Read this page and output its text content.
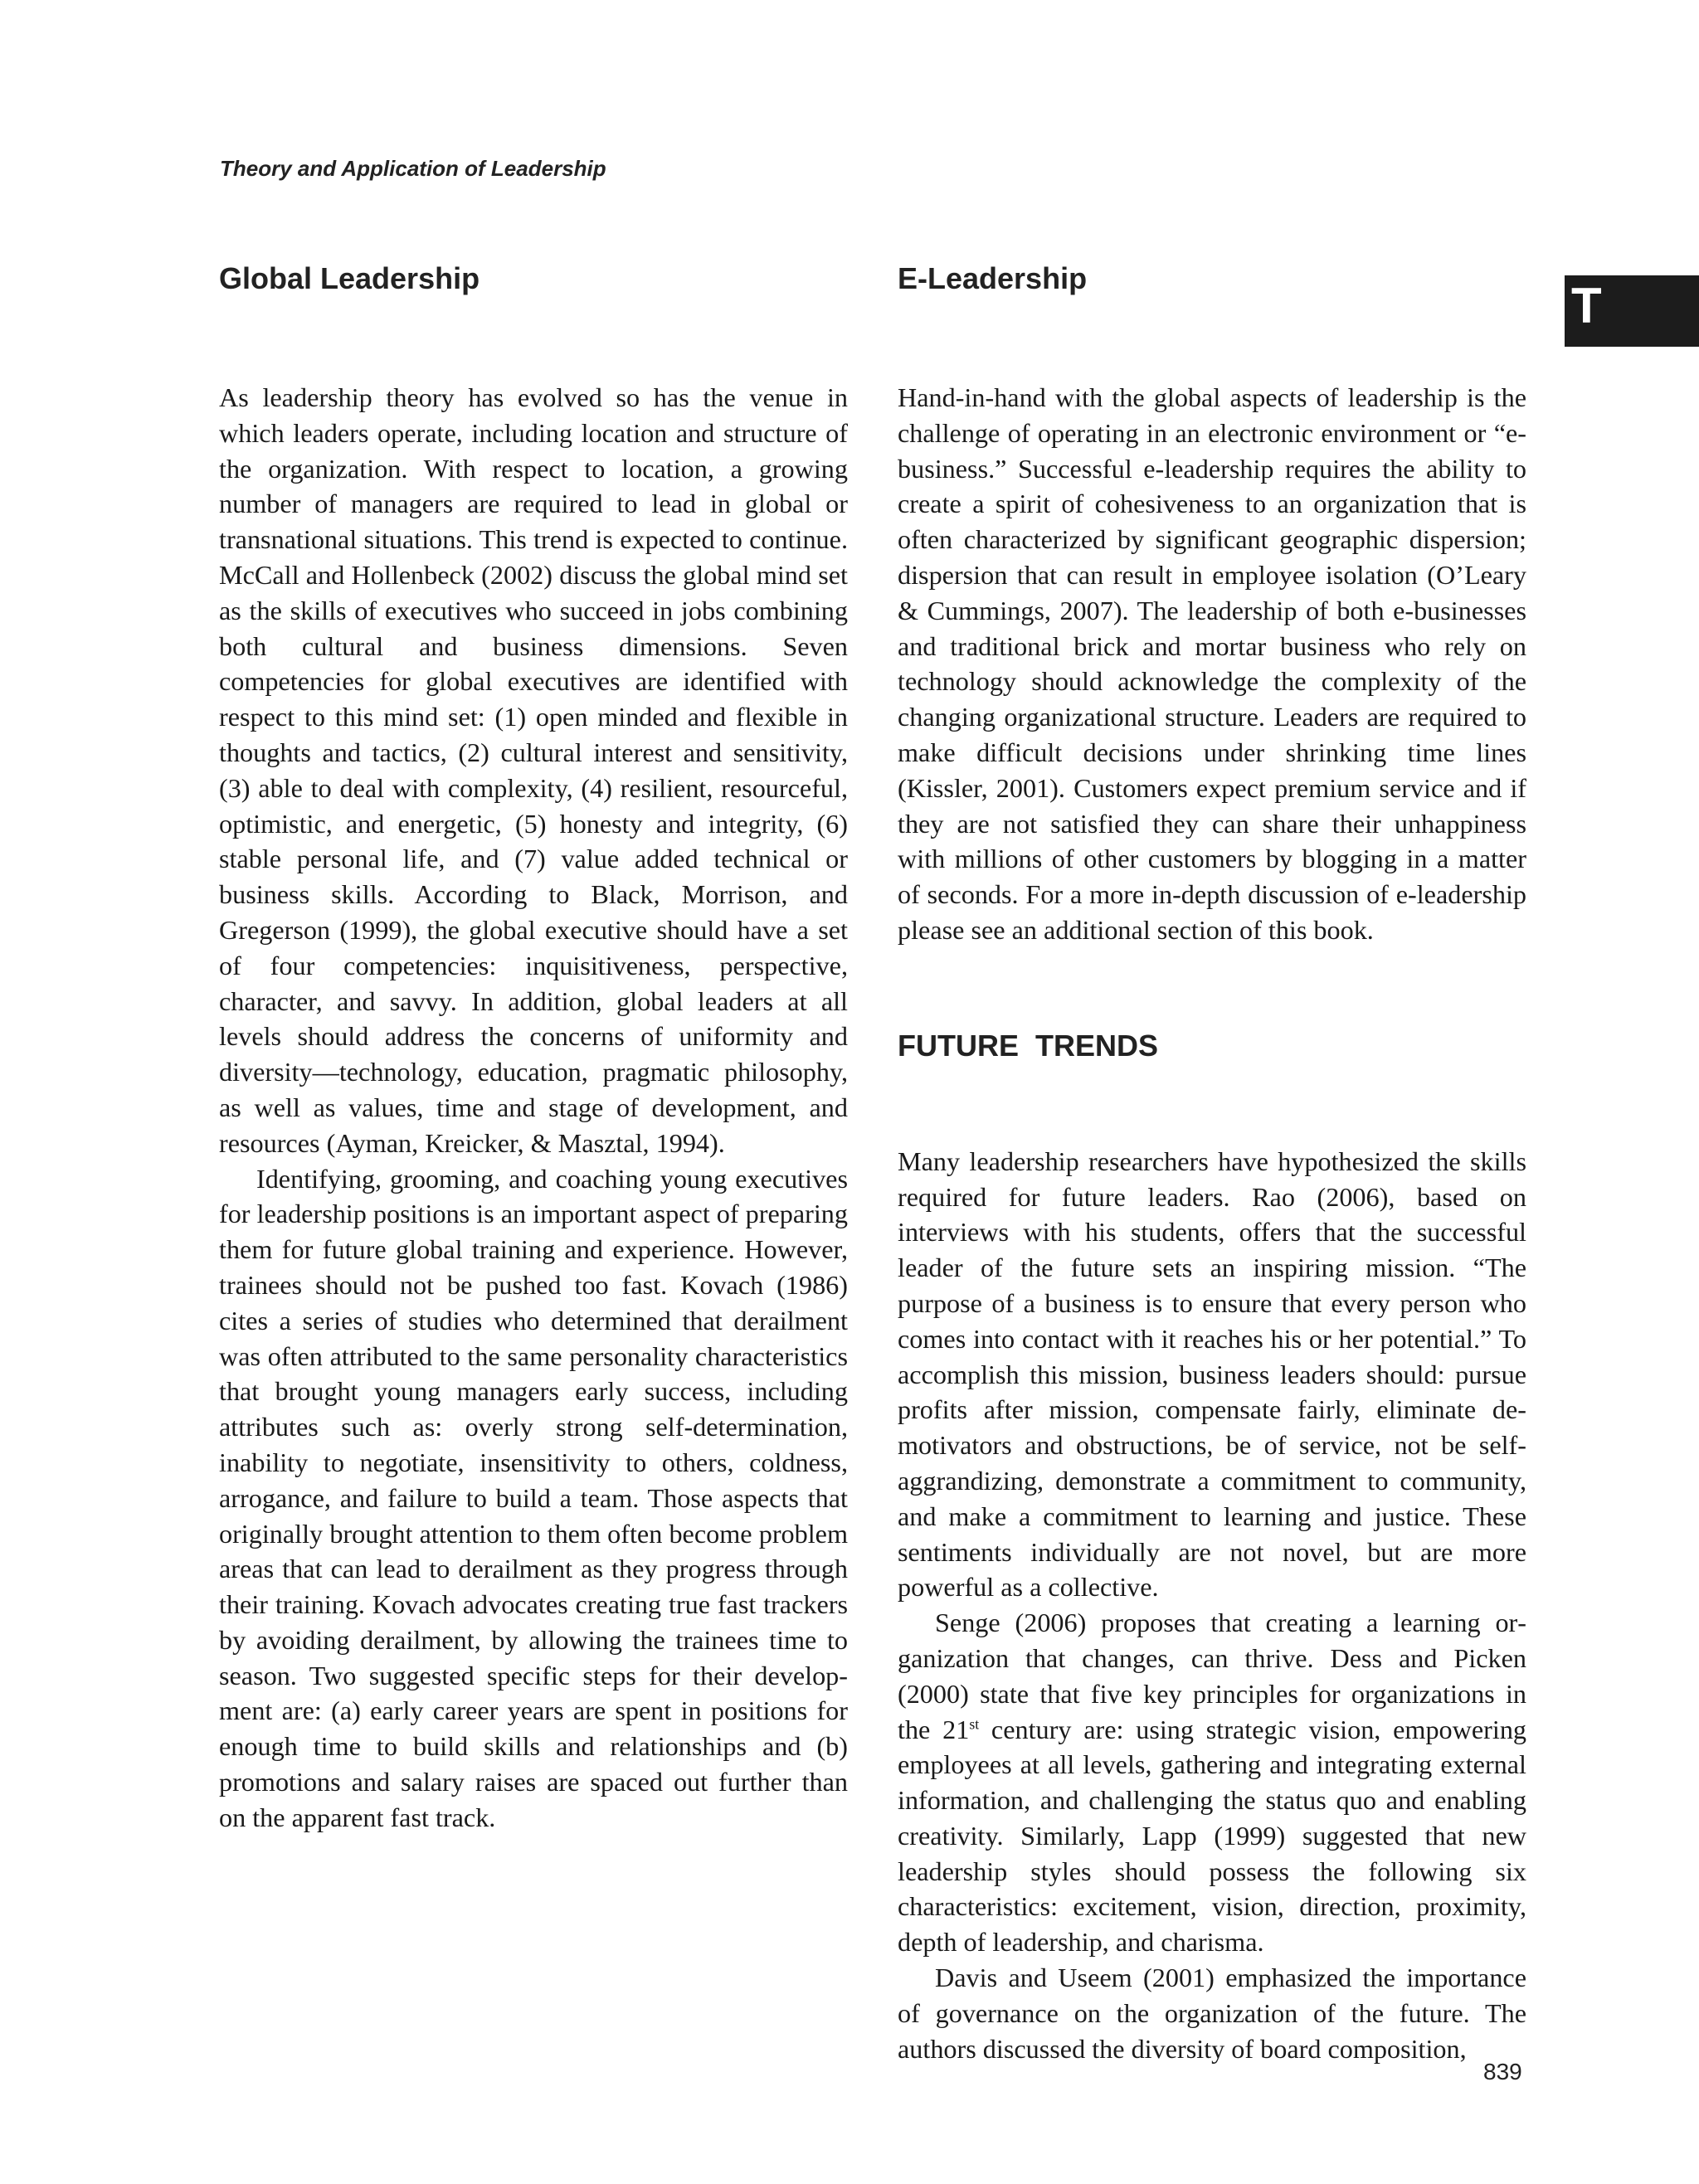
Theory and Application of Leadership
T
Global Leadership

As leadership theory has evolved so has the venue in which leaders operate, including location and structure of the organization. With respect to location, a growing number of managers are required to lead in global or transnational situations. This trend is expected to continue. McCall and Hollenbeck (2002) discuss the global mind set as the skills of executives who succeed in jobs combining both cultural and business dimensions. Seven competencies for global executives are identified with respect to this mind set: (1) open minded and flexible in thoughts and tactics, (2) cultural interest and sensitivity, (3) able to deal with complexity, (4) resilient, resourceful, optimistic, and energetic, (5) honesty and integrity, (6) stable personal life, and (7) value added technical or business skills. According to Black, Morrison, and Gregerson (1999), the global executive should have a set of four competencies: inquisitiveness, perspective, character, and savvy. In addition, global leaders at all levels should address the concerns of uniformity and diversity—technology, education, pragmatic philosophy, as well as values, time and stage of development, and resources (Ayman, Kreicker, & Masztal, 1994).

Identifying, grooming, and coaching young executives for leadership positions is an important aspect of preparing them for future global training and experience. However, trainees should not be pushed too fast. Kovach (1986) cites a series of studies who determined that derailment was often attributed to the same personality characteristics that brought young managers early success, including attributes such as: overly strong self-determination, inability to negotiate, insensitivity to others, coldness, arrogance, and failure to build a team. Those aspects that originally brought attention to them often become problem areas that can lead to derailment as they progress through their training. Kovach advocates creating true fast trackers by avoiding derailment, by allowing the trainees time to season. Two suggested specific steps for their development are: (a) early career years are spent in positions for enough time to build skills and relationships and (b) promotions and salary raises are spaced out further than on the apparent fast track.

E-Leadership

Hand-in-hand with the global aspects of leadership is the challenge of operating in an electronic environment or “e-business.” Successful e-leadership requires the ability to create a spirit of cohesiveness to an organization that is often characterized by significant geographic dispersion; dispersion that can result in employee isolation (O’Leary & Cummings, 2007). The leadership of both e-businesses and traditional brick and mortar business who rely on technology should acknowledge the complexity of the changing organizational structure. Leaders are required to make difficult decisions under shrinking time lines (Kissler, 2001). Customers expect premium service and if they are not satisfied they can share their unhappiness with millions of other customers by blogging in a matter of seconds. For a more in-depth discussion of e-leadership please see an additional section of this book.

FUTURE  TRENDS

Many leadership researchers have hypothesized the skills required for future leaders. Rao (2006), based on interviews with his students, offers that the successful leader of the future sets an inspiring mission. “The purpose of a business is to ensure that every person who comes into contact with it reaches his or her potential.” To accomplish this mission, business leaders should: pursue profits after mission, compensate fairly, eliminate de-motivators and obstructions, be of service, not be self-aggrandizing, demonstrate a commitment to community, and make a commitment to learning and justice. These sentiments individually are not novel, but are more powerful as a collective.

Senge (2006) proposes that creating a learning organization that changes, can thrive. Dess and Picken (2000) state that five key principles for organizations in the 21st century are: using strategic vision, empowering employees at all levels, gathering and integrating external information, and challenging the status quo and enabling creativity. Similarly, Lapp (1999) suggested that new leadership styles should possess the following six characteristics: excitement, vision, direction, proximity, depth of leadership, and charisma.

Davis and Useem (2001) emphasized the importance of governance on the organization of the future. The authors discussed the diversity of board composition,

839
